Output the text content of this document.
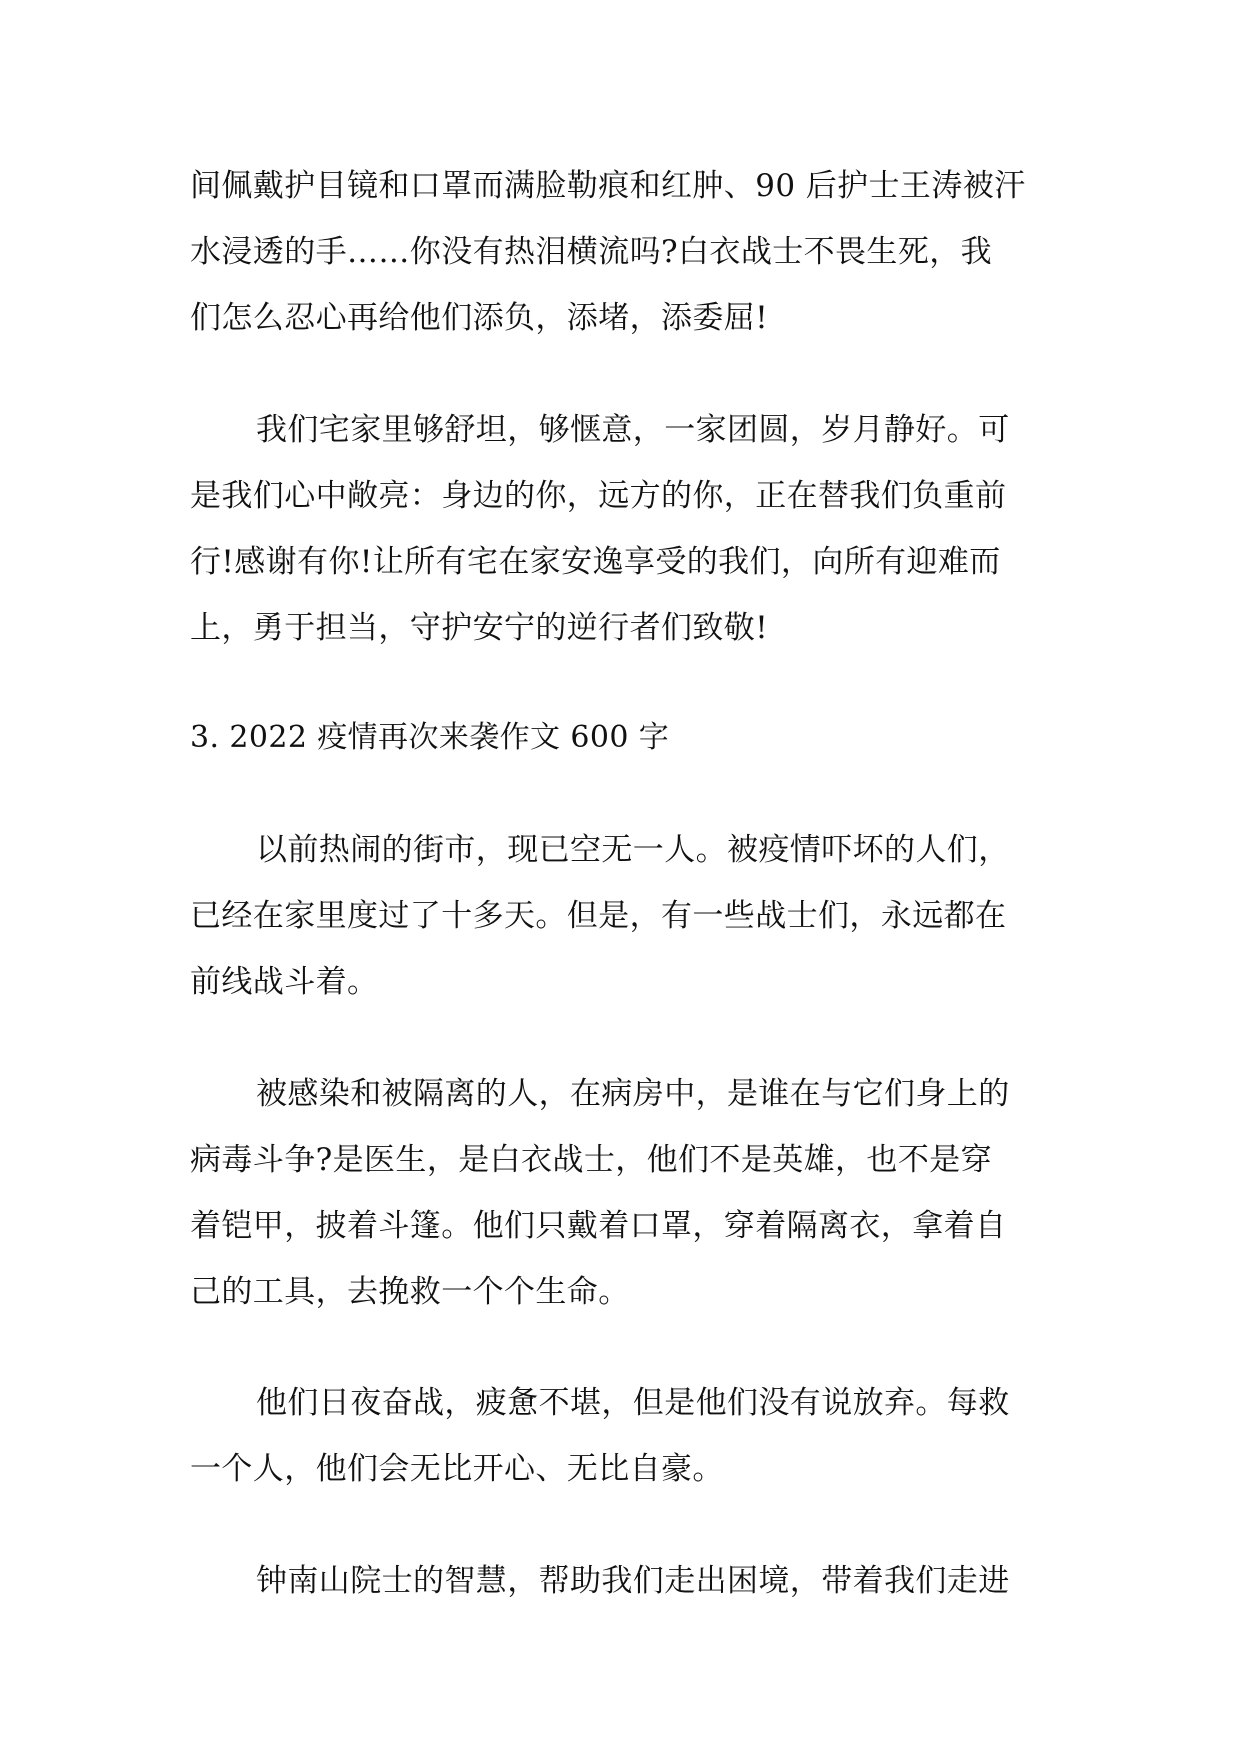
间佩戴护目镜和口罩而满脸勒痕和红肿、90 后护士王涛被汗
水浸透的手……你没有热泪横流吗?白衣战士不畏生死，我
们怎么忍心再给他们添负，添堵，添委屈!
我们宅家里够舒坦，够惬意，一家团圆，岁月静好。可
是我们心中敞亮：身边的你，远方的你，正在替我们负重前
行!感谢有你!让所有宅在家安逸享受的我们，向所有迎难而
上，勇于担当，守护安宁的逆行者们致敬!
3. 2022 疫情再次来袭作文 600 字
以前热闹的街市，现已空无一人。被疫情吓坏的人们，
已经在家里度过了十多天。但是，有一些战士们，永远都在
前线战斗着。
被感染和被隔离的人，在病房中，是谁在与它们身上的
病毒斗争?是医生，是白衣战士，他们不是英雄，也不是穿
着铠甲，披着斗篷。他们只戴着口罩，穿着隔离衣，拿着自
己的工具，去挽救一个个生命。
他们日夜奋战，疲惫不堪，但是他们没有说放弃。每救
一个人，他们会无比开心、无比自豪。
钟南山院士的智慧，帮助我们走出困境，带着我们走进
